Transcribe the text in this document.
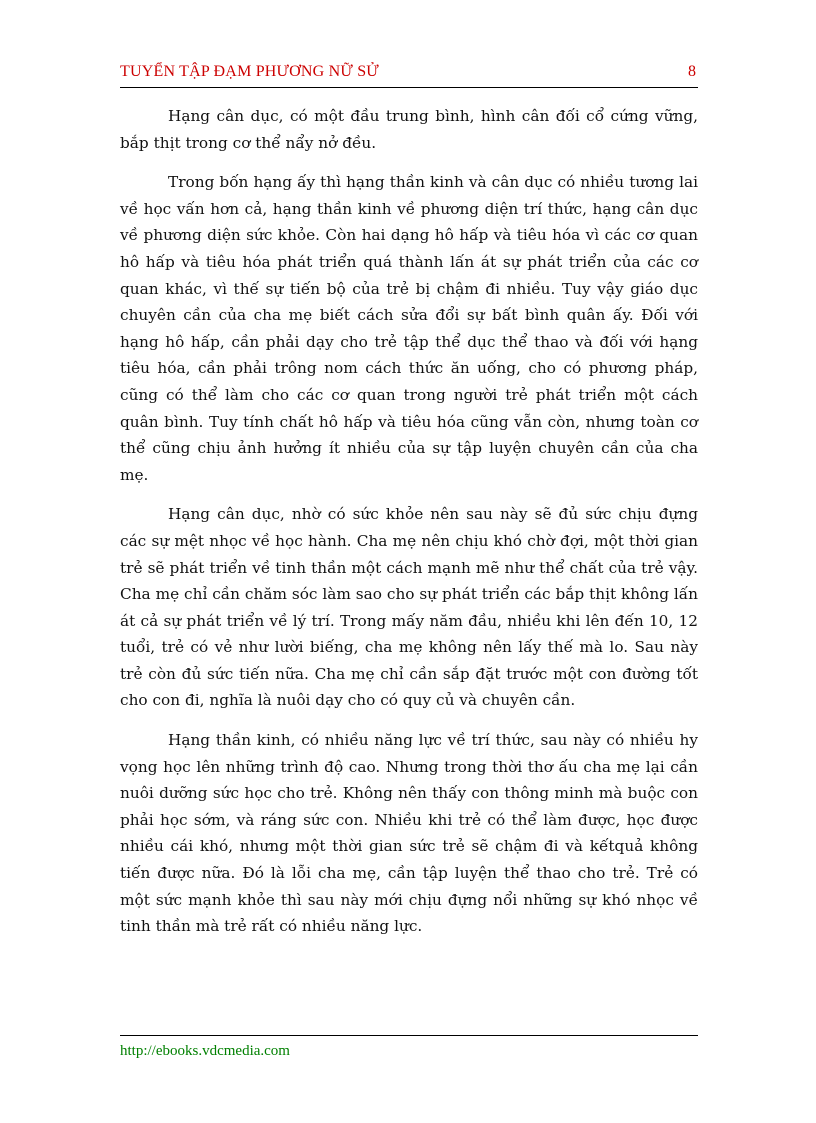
TUYỂN TẬP ĐẠM PHƯƠNG NỮ SỬ	8

Hạng cân dục, có một đầu trung bình, hình cân đối cổ cứng vững, bắp thịt trong cơ thể nẩy nở đều.

Trong bốn hạng ấy thì hạng thần kinh và cân dục có nhiều tương lai về học vấn hơn cả, hạng thần kinh về phương diện trí thức, hạng cân dục về phương diện sức khỏe. Còn hai dạng hô hấp và tiêu hóa vì các cơ quan hô hấp và tiêu hóa phát triển quá thành lấn át sự phát triển của các cơ quan khác, vì thế sự tiến bộ của trẻ bị chậm đi nhiều. Tuy vậy giáo dục chuyên cần của cha mẹ biết cách sửa đổi sự bất bình quân ấy. Đối với hạng hô hấp, cần phải dạy cho trẻ tập thể dục thể thao và đối với hạng tiêu hóa, cần phải trông nom cách thức ăn uống, cho có phương pháp, cũng có thể làm cho các cơ quan trong người trẻ phát triển một cách quân bình. Tuy tính chất hô hấp và tiêu hóa cũng vẫn còn, nhưng toàn cơ thể cũng chịu ảnh hưởng ít nhiều của sự tập luyện chuyên cần của cha mẹ.

Hạng cân dục, nhờ có sức khỏe nên sau này sẽ đủ sức chịu đựng các sự mệt nhọc về học hành. Cha mẹ nên chịu khó chờ đợi, một thời gian trẻ sẽ phát triển về tinh thần một cách mạnh mẽ như thể chất của trẻ vậy. Cha mẹ chỉ cần chăm sóc làm sao cho sự phát triển các bắp thịt không lấn át cả sự phát triển về lý trí. Trong mấy năm đầu, nhiều khi lên đến 10, 12 tuổi, trẻ có vẻ như lười biếng, cha mẹ không nên lấy thế mà lo. Sau này trẻ còn đủ sức tiến nữa. Cha mẹ chỉ cần sắp đặt trước một con đường tốt cho con đi, nghĩa là nuôi dạy cho có quy củ và chuyên cần.

Hạng thần kinh, có nhiều năng lực về trí thức, sau này có nhiều hy vọng học lên những trình độ cao. Nhưng trong thời thơ ấu cha mẹ lại cần nuôi dưỡng sức học cho trẻ. Không nên thấy con thông minh mà buộc con phải học sớm, và ráng sức con. Nhiều khi trẻ có thể làm được, học được nhiều cái khó, nhưng một thời gian sức trẻ sẽ chậm đi và kếtquả không tiến được nữa. Đó là lỗi cha mẹ, cần tập luyện thể thao cho trẻ. Trẻ có một sức mạnh khỏe thì sau này mới chịu đựng nổi những sự khó nhọc về tinh thần mà trẻ rất có nhiều năng lực.

http://ebooks.vdcmedia.com
